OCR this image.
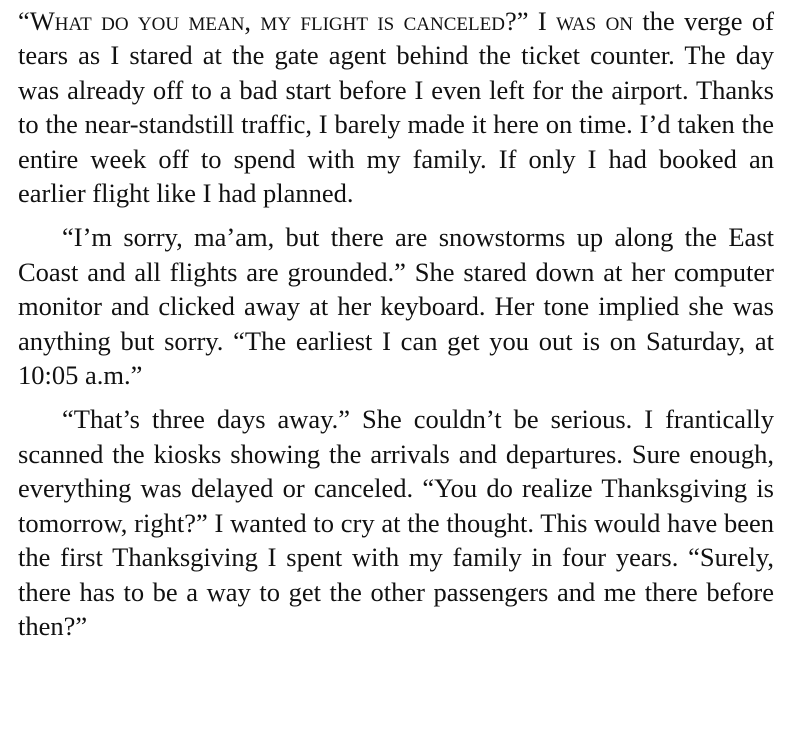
“What do you mean, my flight is canceled?” I was on the verge of tears as I stared at the gate agent behind the ticket counter. The day was already off to a bad start before I even left for the airport. Thanks to the near-standstill traffic, I barely made it here on time. I’d taken the entire week off to spend with my family. If only I had booked an earlier flight like I had planned.

“I’m sorry, ma’am, but there are snowstorms up along the East Coast and all flights are grounded.” She stared down at her computer monitor and clicked away at her keyboard. Her tone implied she was anything but sorry. “The earliest I can get you out is on Saturday, at 10:05 a.m.”

“That’s three days away.” She couldn’t be serious. I frantically scanned the kiosks showing the arrivals and departures. Sure enough, everything was delayed or canceled. “You do realize Thanksgiving is tomorrow, right?” I wanted to cry at the thought. This would have been the first Thanksgiving I spent with my family in four years. “Surely, there has to be a way to get the other passengers and me there before then?”
